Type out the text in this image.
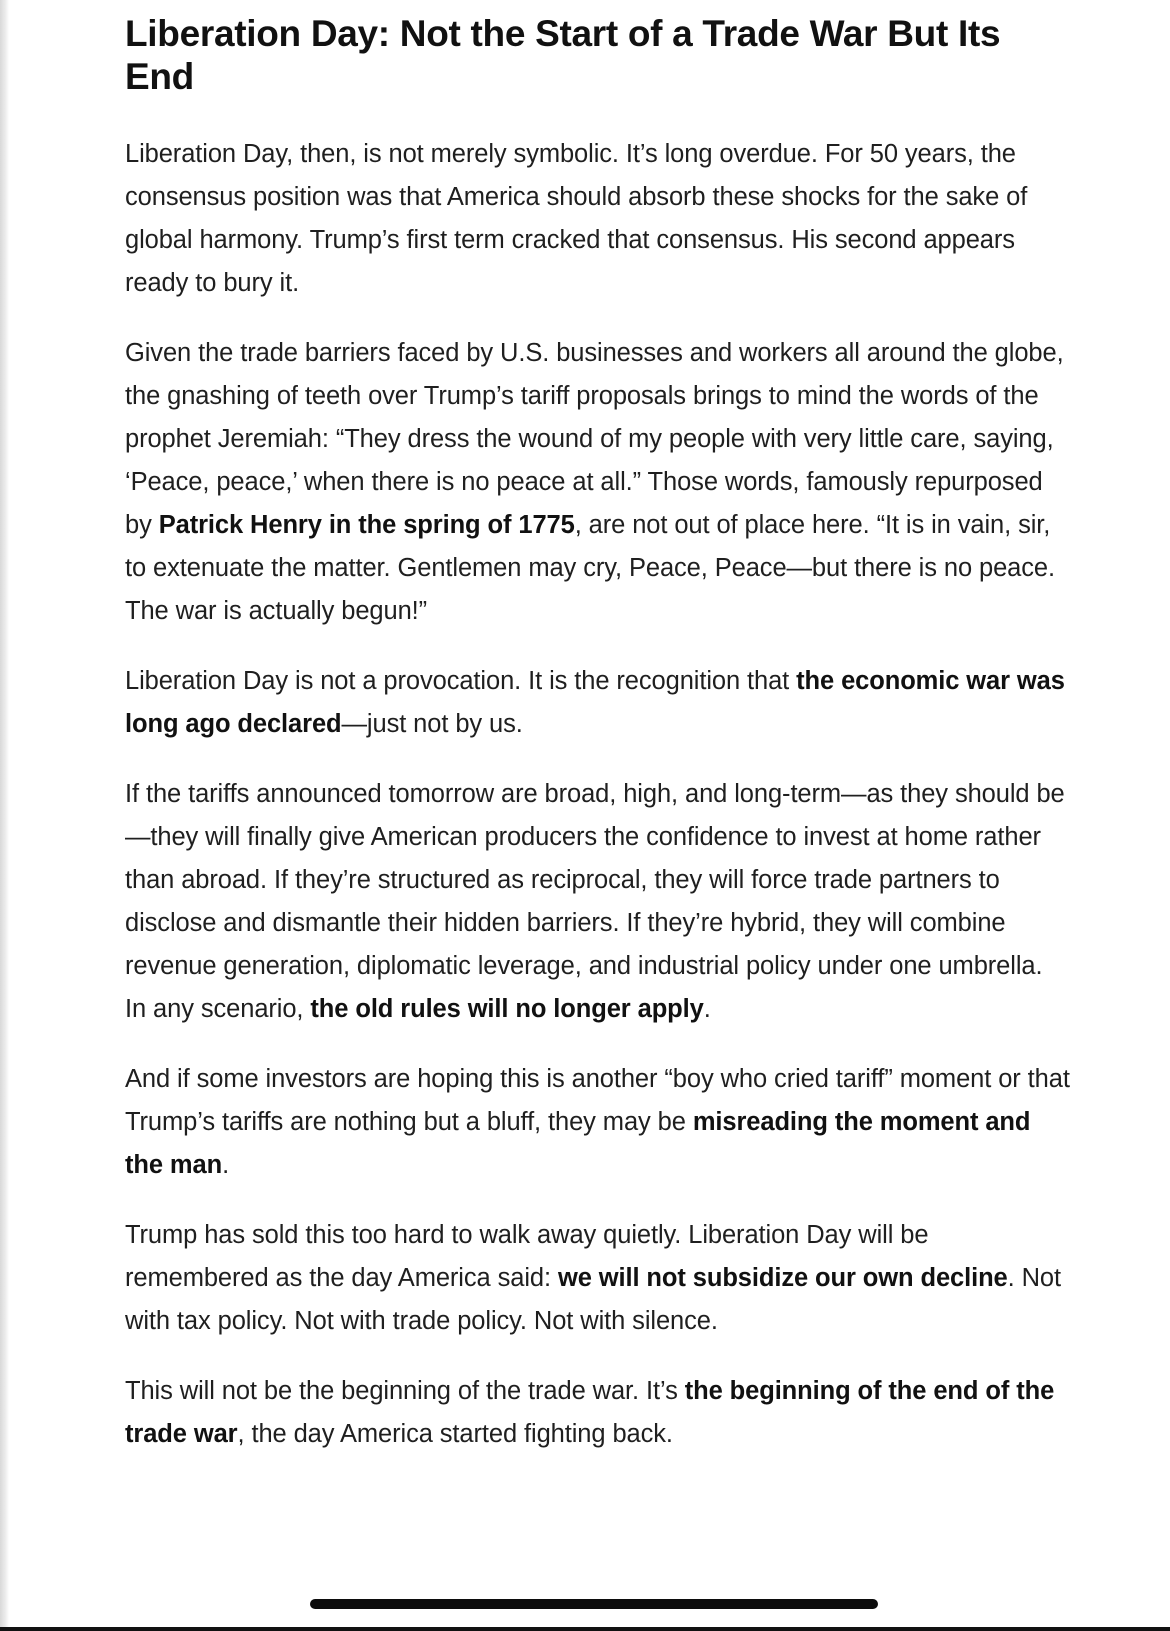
Liberation Day: Not the Start of a Trade War But Its End

Liberation Day, then, is not merely symbolic. It’s long overdue. For 50 years, the consensus position was that America should absorb these shocks for the sake of global harmony. Trump’s first term cracked that consensus. His second appears ready to bury it.

Given the trade barriers faced by U.S. businesses and workers all around the globe, the gnashing of teeth over Trump’s tariff proposals brings to mind the words of the prophet Jeremiah: “They dress the wound of my people with very little care, saying, ‘Peace, peace,’ when there is no peace at all.” Those words, famously repurposed by Patrick Henry in the spring of 1775, are not out of place here. “It is in vain, sir, to extenuate the matter. Gentlemen may cry, Peace, Peace—but there is no peace. The war is actually begun!”

Liberation Day is not a provocation. It is the recognition that the economic war was long ago declared—just not by us.

If the tariffs announced tomorrow are broad, high, and long-term—as they should be—they will finally give American producers the confidence to invest at home rather than abroad. If they’re structured as reciprocal, they will force trade partners to disclose and dismantle their hidden barriers. If they’re hybrid, they will combine revenue generation, diplomatic leverage, and industrial policy under one umbrella. In any scenario, the old rules will no longer apply.

And if some investors are hoping this is another “boy who cried tariff” moment or that Trump’s tariffs are nothing but a bluff, they may be misreading the moment and the man.

Trump has sold this too hard to walk away quietly. Liberation Day will be remembered as the day America said: we will not subsidize our own decline. Not with tax policy. Not with trade policy. Not with silence.

This will not be the beginning of the trade war. It’s the beginning of the end of the trade war, the day America started fighting back.
